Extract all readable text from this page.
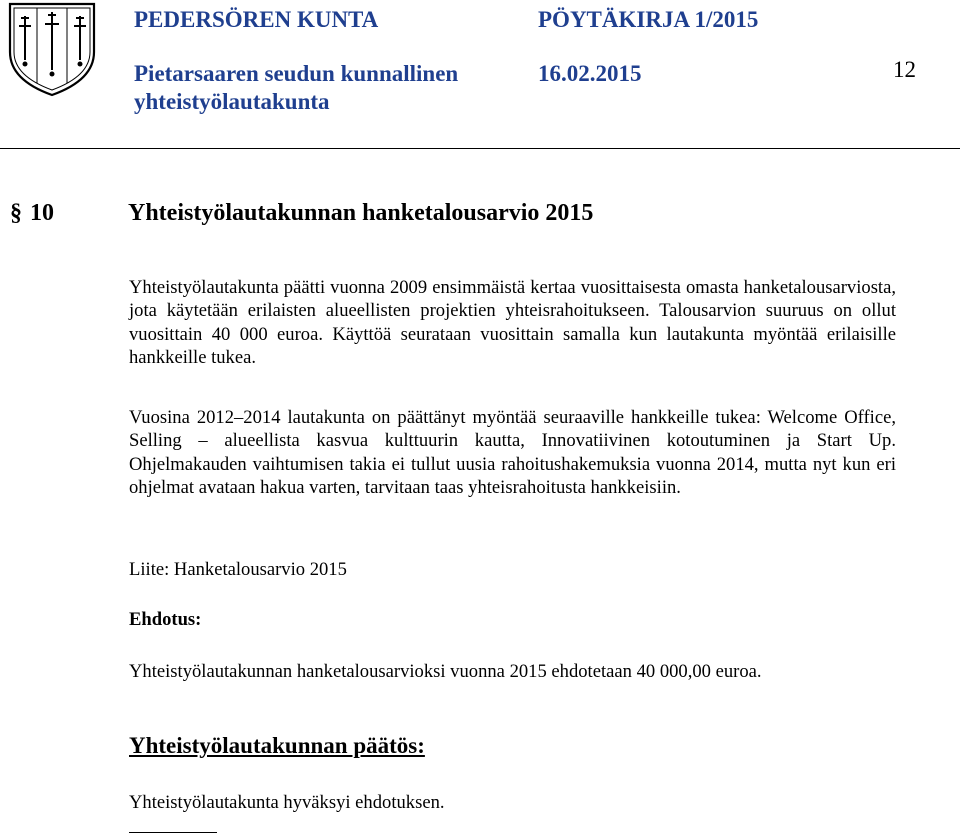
PEDERSÖREN KUNTA	PÖYTÄKIRJA 1/2015
Pietarsaaren seudun kunnallinen
yhteistyölautakunta
16.02.2015	12
§ 10	Yhteistyölautakunnan hanketalousarvio 2015

Yhteistyölautakunta päätti vuonna 2009 ensimmäistä kertaa vuosittaisesta omasta hanketalousarviosta, jota käytetään erilaisten alueellisten projektien yhteisrahoitukseen. Talousarvion suuruus on ollut vuosittain 40 000 euroa. Käyttöä seurataan vuosittain samalla kun lautakunta myöntää erilaisille hankkeille tukea.

Vuosina 2012–2014 lautakunta on päättänyt myöntää seuraaville hankkeille tukea: Welcome Office, Selling – alueellista kasvua kulttuurin kautta, Innovatiivinen kotoutuminen ja Start Up. Ohjelmakauden vaihtumisen takia ei tullut uusia rahoitushakemuksia vuonna 2014, mutta nyt kun eri ohjelmat avataan hakua varten, tarvitaan taas yhteisrahoitusta hankkeisiin.

Liite: Hanketalousarvio 2015
Ehdotus:
Yhteistyölautakunnan hanketalousarvioksi vuonna 2015 ehdotetaan 40 000,00 euroa.
Yhteistyölautakunnan päätös:
Yhteistyölautakunta hyväksyi ehdotuksen.
